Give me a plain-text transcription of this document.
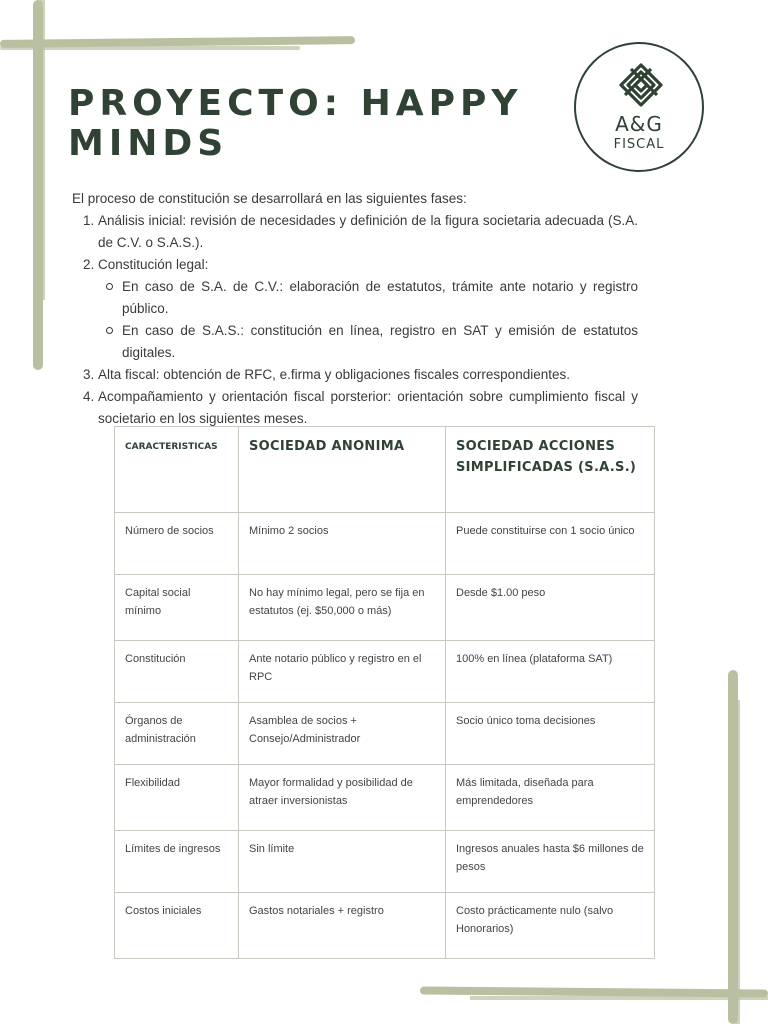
PROYECTO: HAPPY MINDS	A&G
FISCAL

El proceso de constitución se desarrollará en las siguientes fases:

1. Análisis inicial: revisión de necesidades y definición de la figura societaria adecuada (S.A. de C.V. o S.A.S.).
2. Constitución legal:
En caso de S.A. de C.V.: elaboración de estatutos, trámite ante notario y registro público.
En caso de S.A.S.: constitución en línea, registro en SAT y emisión de estatutos digitales.
3. Alta fiscal: obtención de RFC, e.firma y obligaciones fiscales correspondientes.
4. Acompañamiento y orientación fiscal porsterior: orientación sobre cumplimiento fiscal y societario en los siguientes meses.
CARACTERISTICAS	SOCIEDAD ANONIMA	SOCIEDAD ACCIONES SIMPLIFICADAS (S.A.S.)
Número de socios	Mínimo 2 socios	Puede constituirse con 1 socio único
Capital social mínimo	No hay mínimo legal, pero se fija en estatutos (ej. $50,000 o más)	Desde $1.00 peso
Constitución	Ante notario público y registro en el RPC	100% en línea (plataforma SAT)
Órganos de administración	Asamblea de socios + Consejo/Administrador	Socio único toma decisiones
Flexibilidad	Mayor formalidad y posibilidad de atraer inversionistas	Más limitada, diseñada para emprendedores
Límites de ingresos	Sin límite	Ingresos anuales hasta $6 millones de pesos
Costos iniciales	Gastos notariales + registro	Costo prácticamente nulo (salvo Honorarios)
